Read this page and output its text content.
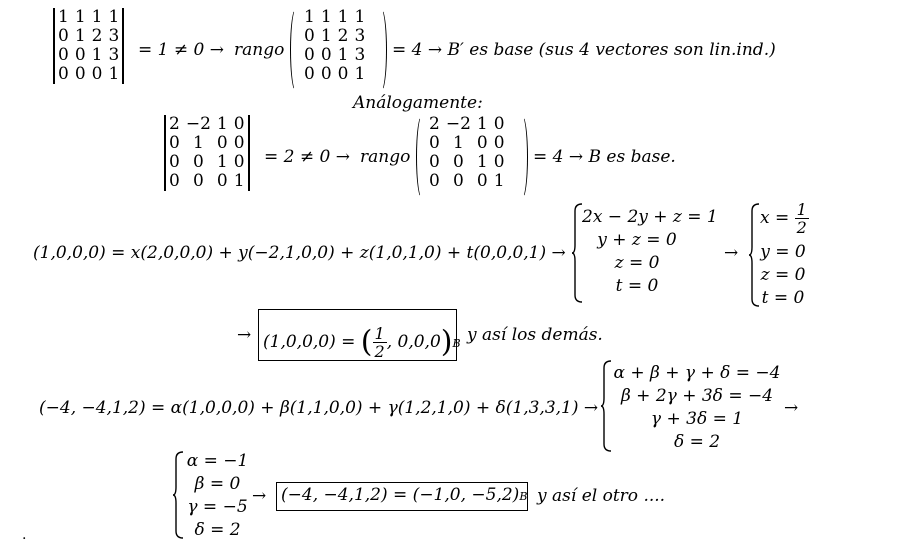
1	1	1	1
0	1	2	3
0	0	1	3
0	0	0	1
= 1 ≠ 0 → rango
1	1	1	1
0	1	2	3
0	0	1	3
0	0	0	1
= 4 → B′ es base (sus 4 vectores son lin.ind.)
Análogamente:
2	−2	1	0
0	1	0	0
0	0	1	0
0	0	0	1
= 2 ≠ 0 → rango
2	−2	1	0
0	1	0	0
0	0	1	0
0	0	0	1
= 4 → B es base.
(1,0,0,0) = x(2,0,0,0) + y(−2,1,0,0) + z(1,0,1,0) + t(0,0,0,1) →
2x − 2y + z = 1
y + z = 0
z = 0
t = 0
→
$x = \frac{1}{2}$
y = 0
z = 0
t = 0
→ (1,0,0,0) = ( $\frac{1}{2}$ , 0,0,0)B y así los demás.
(−4, −4,1,2) = α(1,0,0,0) + β(1,1,0,0) + γ(1,2,1,0) + δ(1,3,3,1) →
α + β + γ + δ = −4
β + 2γ + 3δ = −4
γ + 3δ = 1
δ = 2
→
α = −1
β = 0
γ = −5
δ = 2
→ (−4, −4,1,2) = (−1,0, −5,2)B y así el otro ....
.
